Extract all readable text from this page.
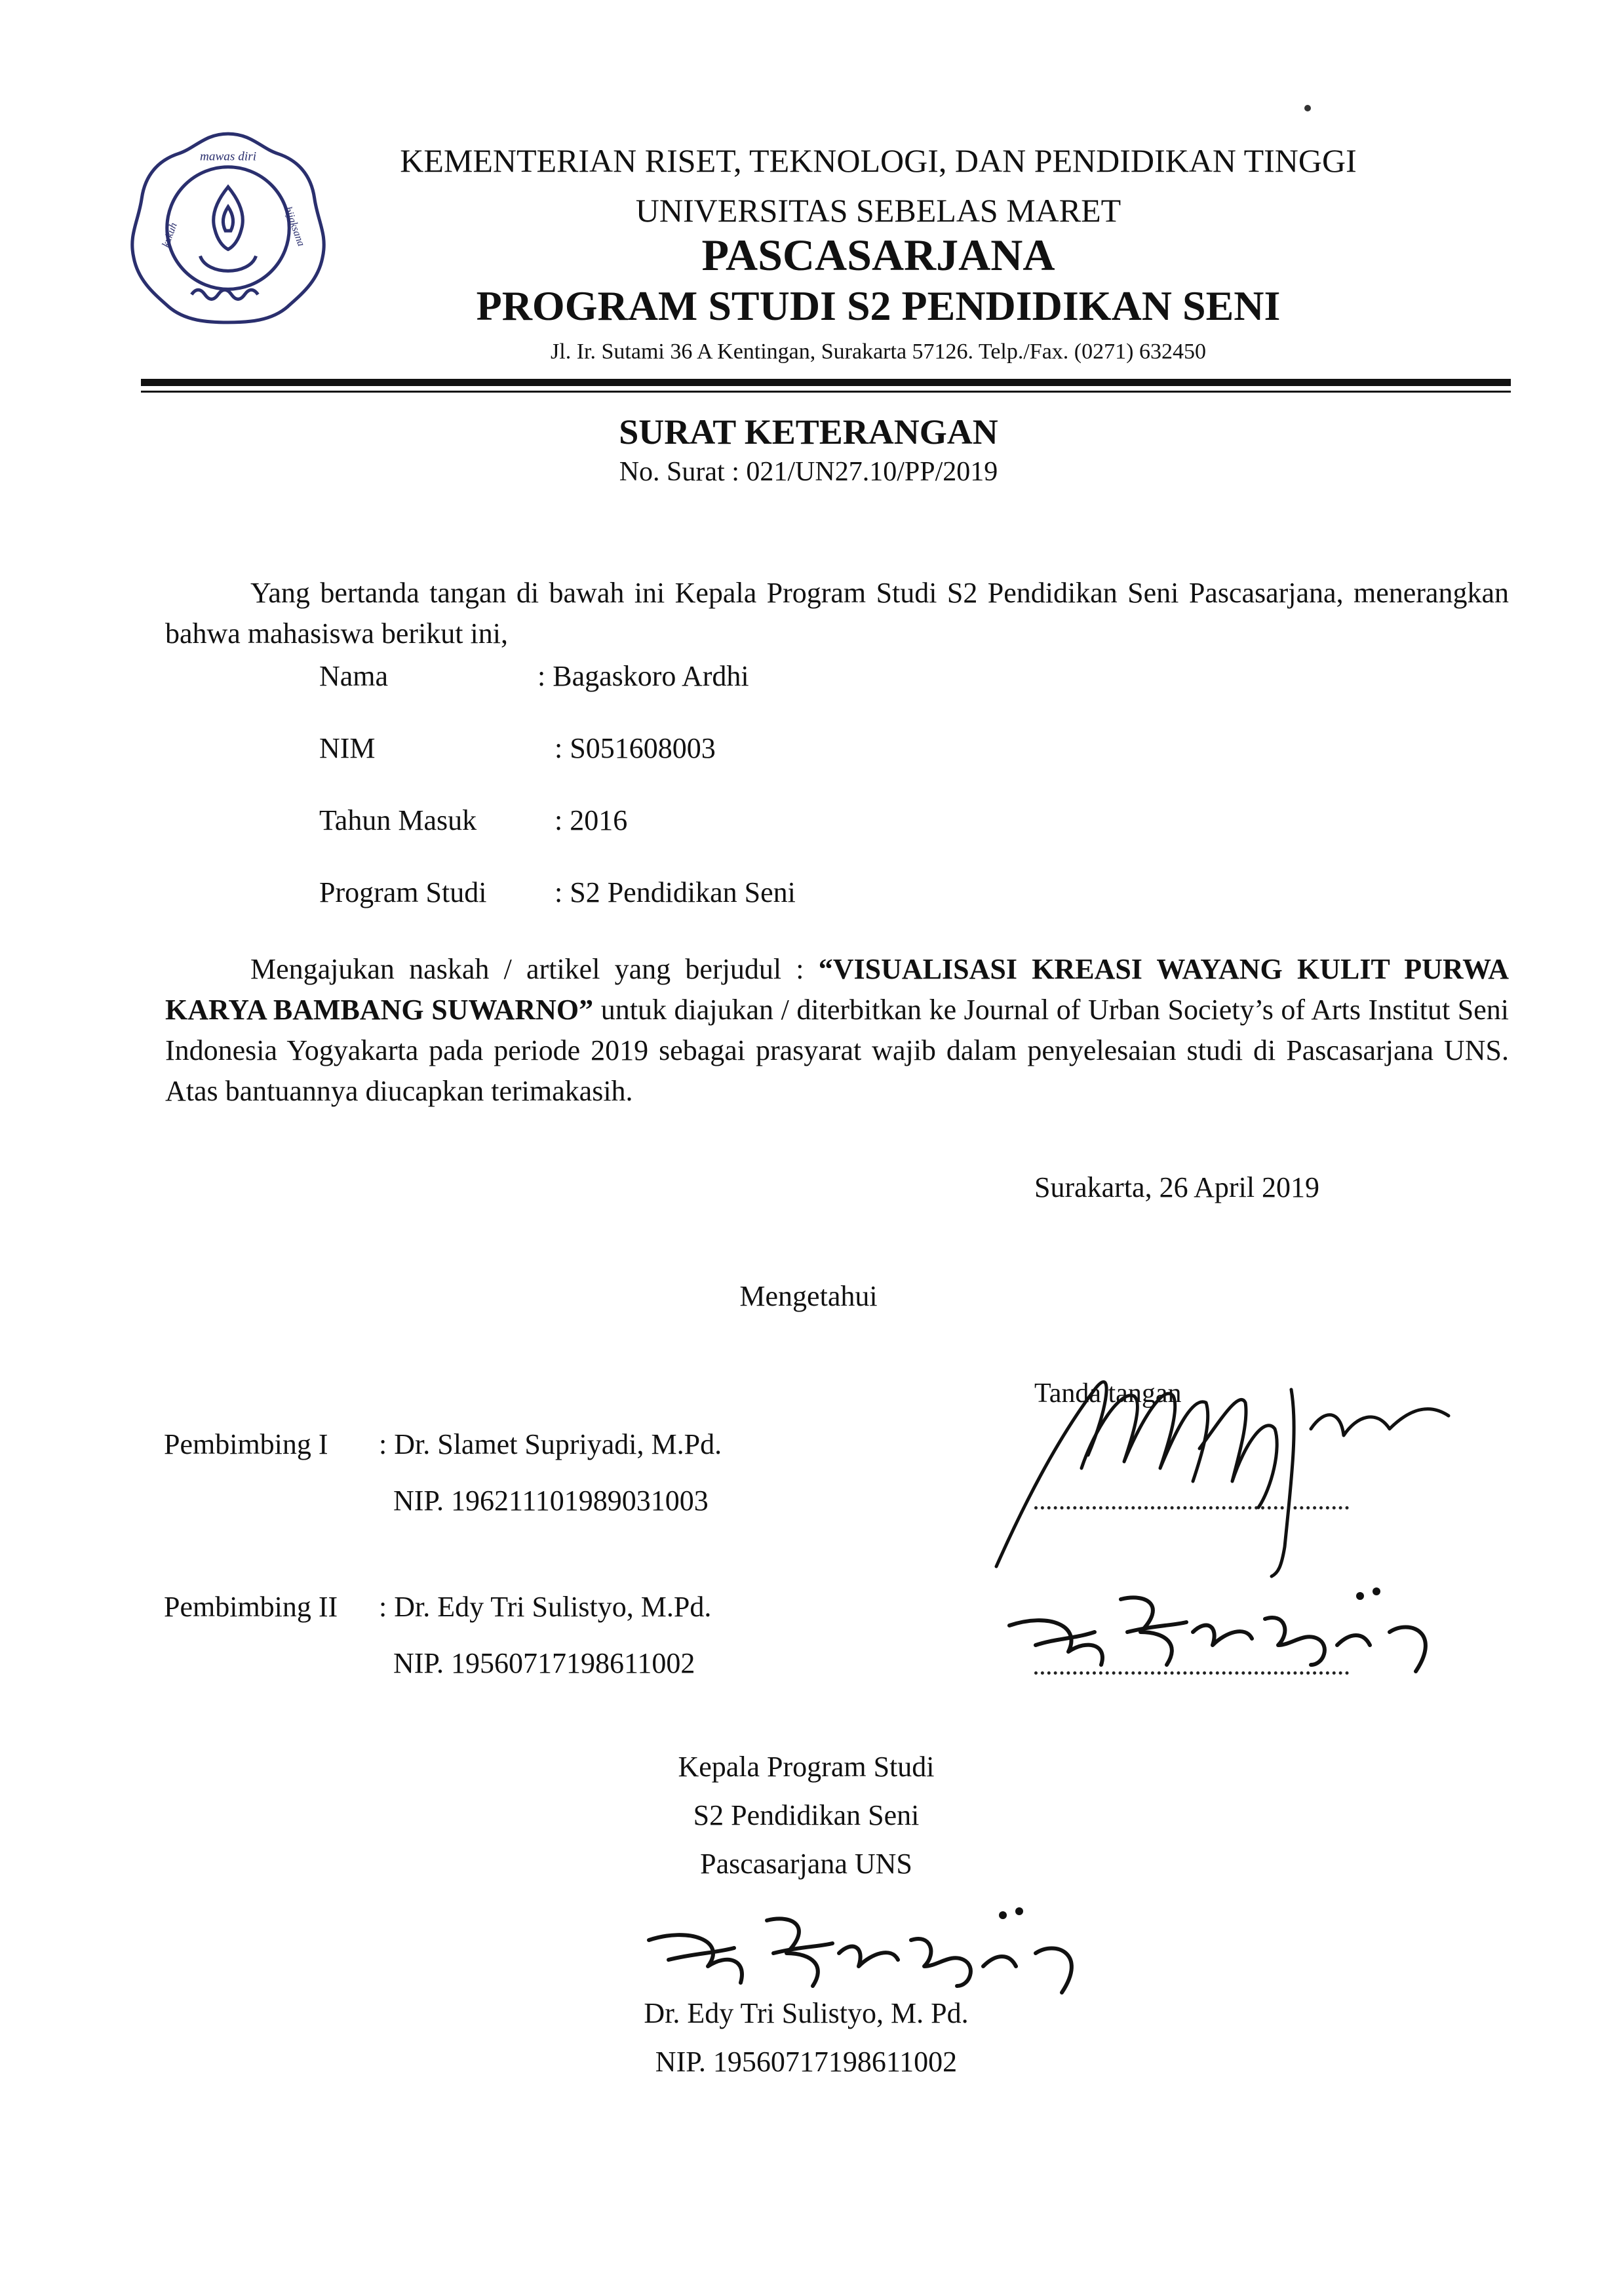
mawas diri
kukuh	bijaksana
KEMENTERIAN RISET, TEKNOLOGI, DAN PENDIDIKAN TINGGI
UNIVERSITAS SEBELAS MARET
PASCASARJANA
PROGRAM STUDI S2 PENDIDIKAN SENI
Jl. Ir. Sutami 36 A Kentingan, Surakarta 57126. Telp./Fax. (0271) 632450
SURAT KETERANGAN
No. Surat : 021/UN27.10/PP/2019
Yang bertanda tangan di bawah ini Kepala Program Studi S2 Pendidikan Seni Pascasarjana, menerangkan bahwa mahasiswa berikut ini,
Nama	: Bagaskoro Ardhi
NIM	: S051608003
Tahun Masuk	: 2016
Program Studi : S2 Pendidikan Seni
Mengajukan naskah / artikel yang berjudul : “VISUALISASI KREASI WAYANG KULIT PURWA KARYA BAMBANG SUWARNO” untuk diajukan / diterbitkan ke Journal of Urban Society’s of Arts Institut Seni Indonesia Yogyakarta pada periode 2019 sebagai prasyarat wajib dalam penyelesaian studi di Pascasarjana UNS. Atas bantuannya diucapkan terimakasih.
Surakarta, 26 April 2019
Mengetahui
Tanda tangan
Pembimbing I : Dr. Slamet Supriyadi, M.Pd.
NIP. 196211101989031003
Pembimbing II : Dr. Edy Tri Sulistyo, M.Pd.
NIP. 19560717198611002
Kepala Program Studi
S2 Pendidikan Seni
Pascasarjana UNS
Dr. Edy Tri Sulistyo, M. Pd.
NIP. 19560717198611002
